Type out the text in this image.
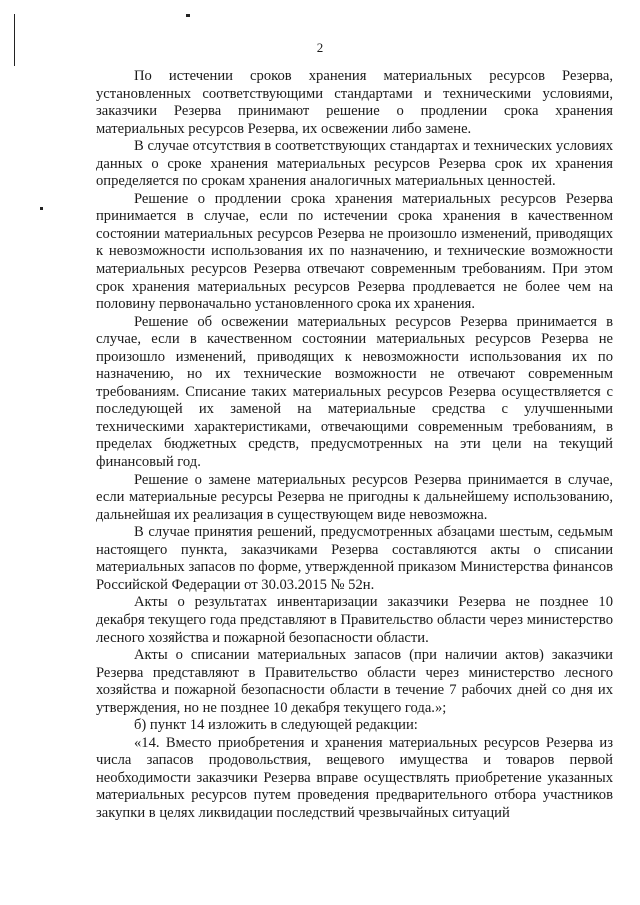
2

По истечении сроков хранения материальных ресурсов Резерва, установленных соответствующими стандартами и техническими условиями, заказчики Резерва принимают решение о продлении срока хранения материальных ресурсов Резерва, их освежении либо замене.

В случае отсутствия в соответствующих стандартах и технических условиях данных о сроке хранения материальных ресурсов Резерва срок их хранения определяется по срокам хранения аналогичных материальных ценностей.

Решение о продлении срока хранения материальных ресурсов Резерва принимается в случае, если по истечении срока хранения в качественном состоянии материальных ресурсов Резерва не произошло изменений, приводящих к невозможности использования их по назначению, и технические возможности материальных ресурсов Резерва отвечают современным требованиям. При этом срок хранения материальных ресурсов Резерва продлевается не более чем на половину первоначально установленного срока их хранения.

Решение об освежении материальных ресурсов Резерва принимается в случае, если в качественном состоянии материальных ресурсов Резерва не произошло изменений, приводящих к невозможности использования их по назначению, но их технические возможности не отвечают современным требованиям. Списание таких материальных ресурсов Резерва осуществляется с последующей их заменой на материальные средства с улучшенными техническими характеристиками, отвечающими современным требованиям, в пределах бюджетных средств, предусмотренных на эти цели на текущий финансовый год.

Решение о замене материальных ресурсов Резерва принимается в случае, если материальные ресурсы Резерва не пригодны к дальнейшему использованию, дальнейшая их реализация в существующем виде невозможна.

В случае принятия решений, предусмотренных абзацами шестым, седьмым настоящего пункта, заказчиками Резерва составляются акты о списании материальных запасов по форме, утвержденной приказом Министерства финансов Российской Федерации от 30.03.2015 № 52н.

Акты о результатах инвентаризации заказчики Резерва не позднее 10 декабря текущего года представляют в Правительство области через министерство лесного хозяйства и пожарной безопасности области.

Акты о списании материальных запасов (при наличии актов) заказчики Резерва представляют в Правительство области через министерство лесного хозяйства и пожарной безопасности области в течение 7 рабочих дней со дня их утверждения, но не позднее 10 декабря текущего года.»;

б) пункт 14 изложить в следующей редакции:

«14. Вместо приобретения и хранения материальных ресурсов Резерва из числа запасов продовольствия, вещевого имущества и товаров первой необходимости заказчики Резерва вправе осуществлять приобретение указанных материальных ресурсов путем проведения предварительного отбора участников закупки в целях ликвидации последствий чрезвычайных ситуаций
